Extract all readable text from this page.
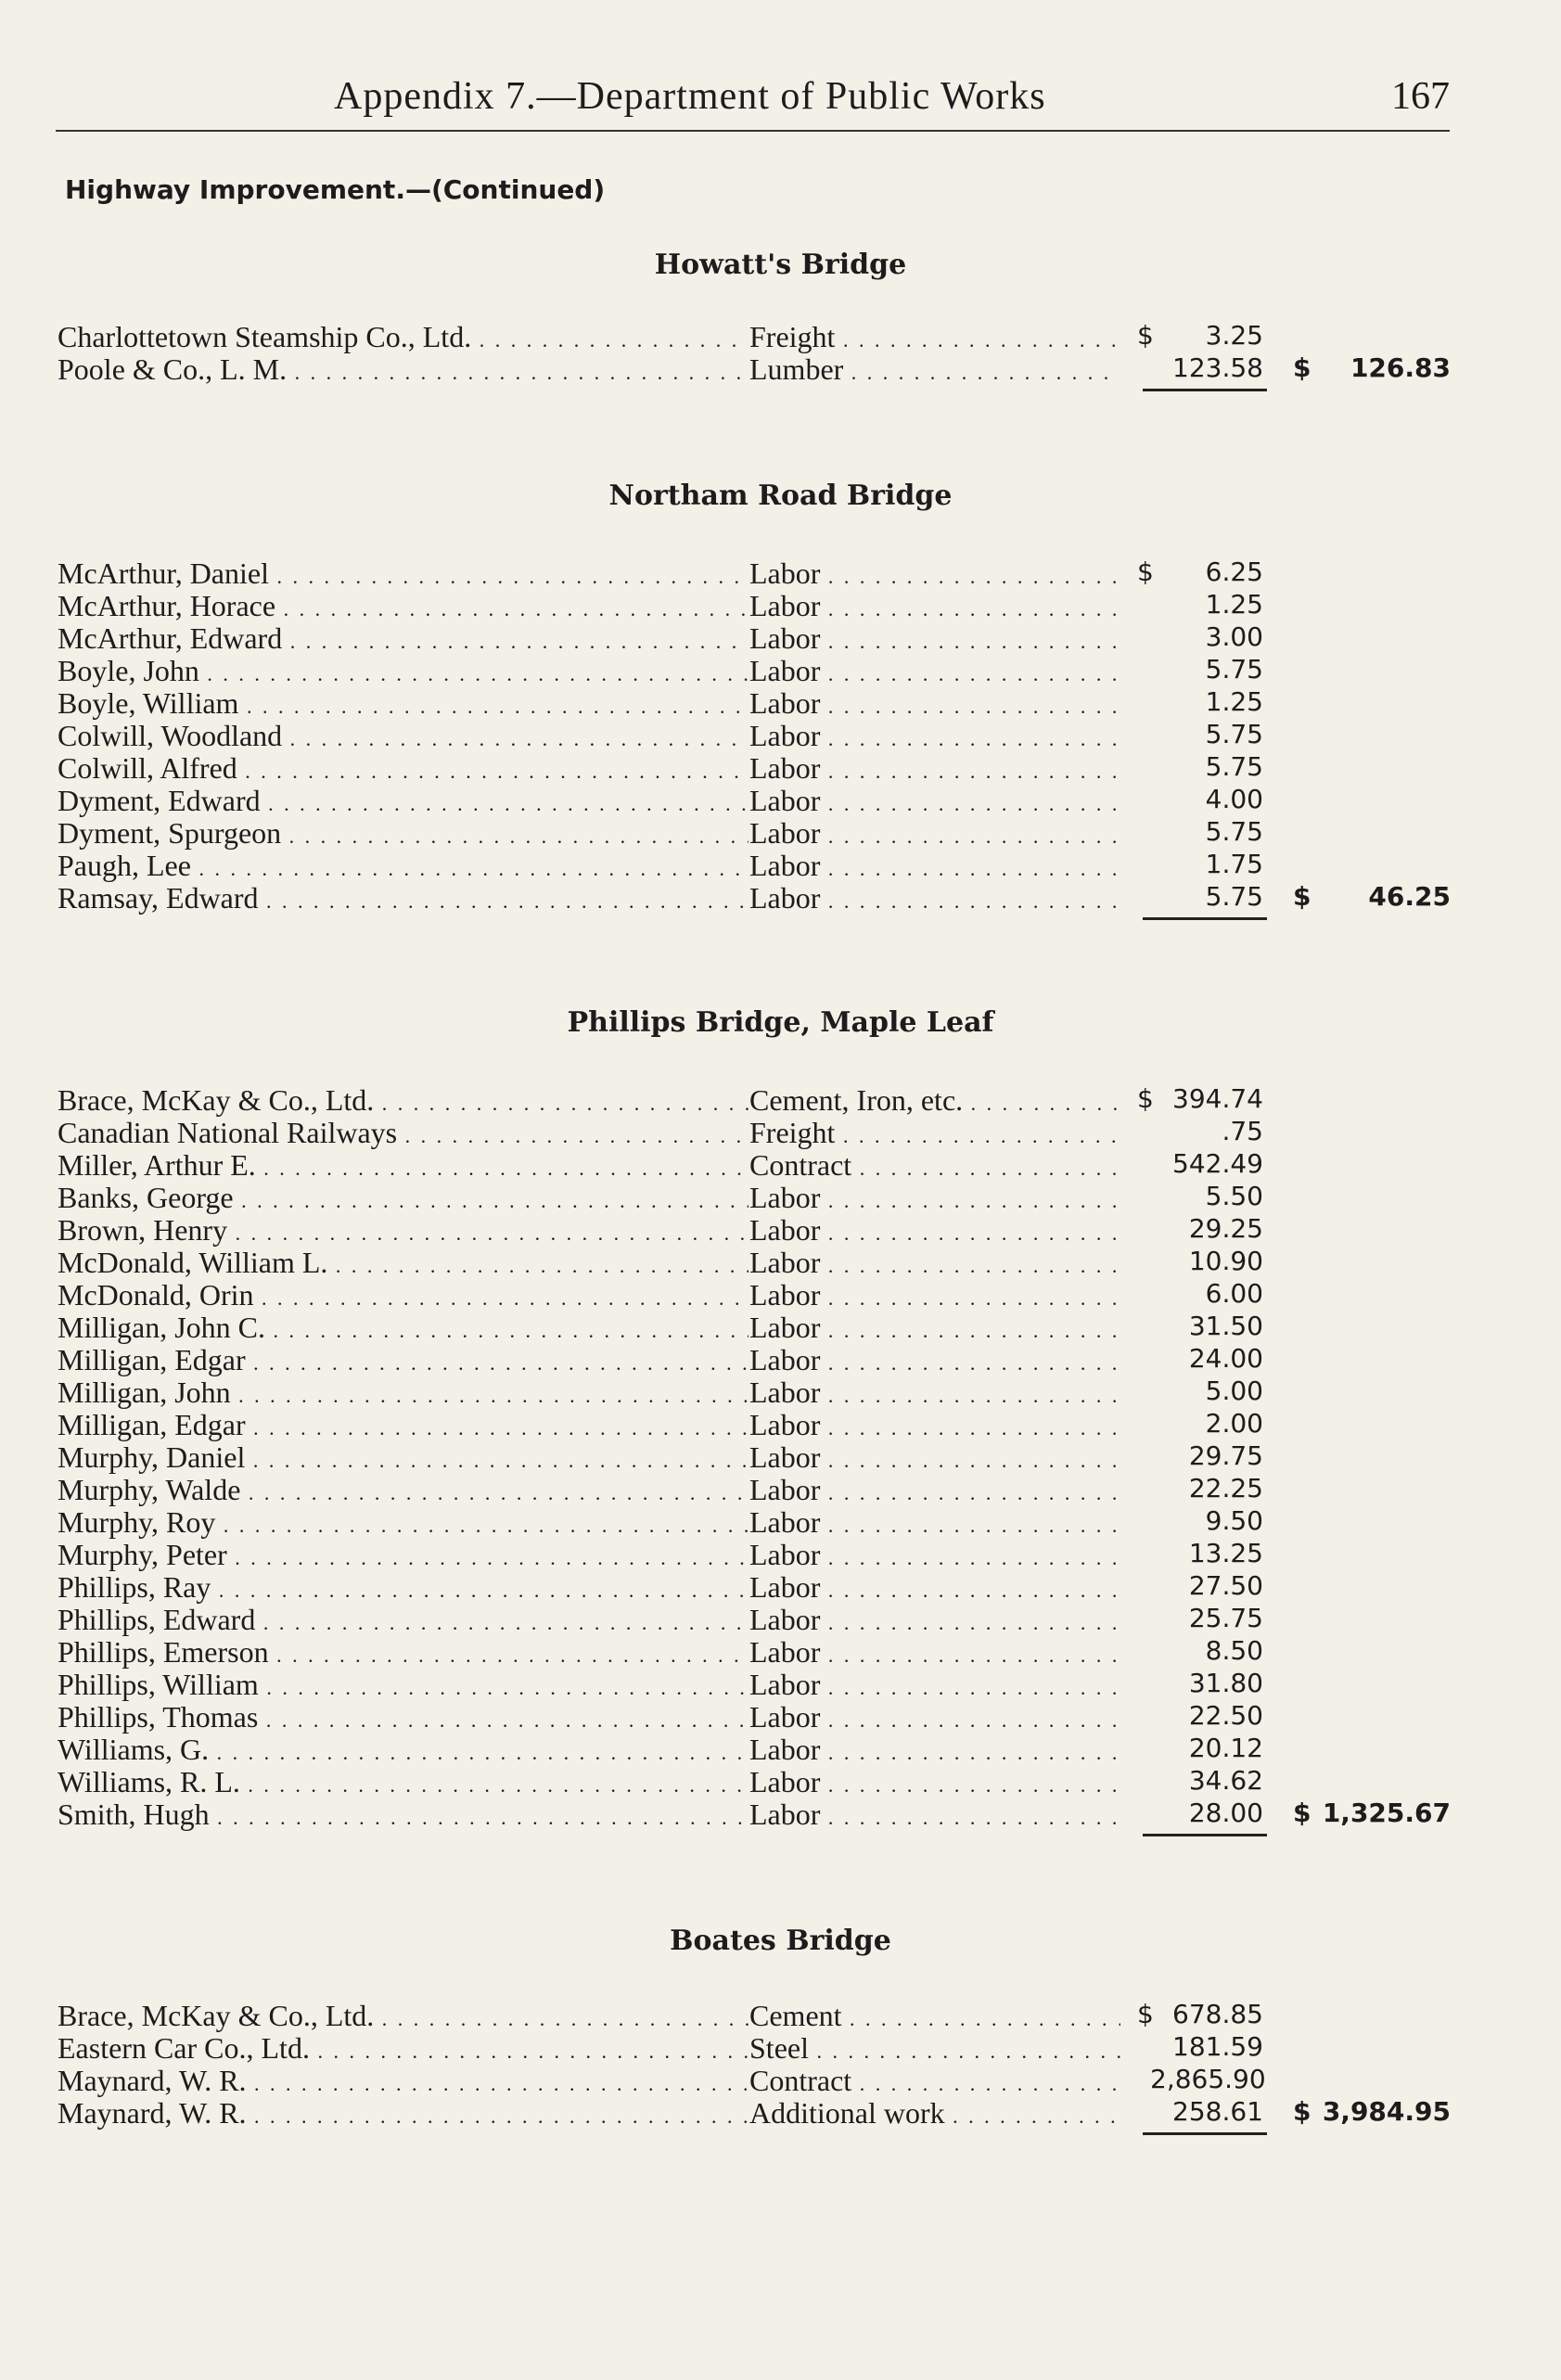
Appendix 7.—Department of Public Works	167
Highway Improvement.—(Continued)
Howatt's Bridge
Charlottetown Steamship Co., Ltd. . . .	Freight . . .	$	3.25
Poole & Co., L. M. . . .	Lumber . . .	123.58 $	126.83
Northam Road Bridge
McArthur, Daniel . . .	Labor . . .	$	6.25
McArthur, Horace . . .	Labor . . .	1.25
McArthur, Edward . . .	Labor . . .	3.00
Boyle, John . . .	Labor . . .	5.75
Boyle, William . . .	Labor . . .	1.25
Colwill, Woodland . . .	Labor . . .	5.75
Colwill, Alfred . . .	Labor . . .	5.75
Dyment, Edward . . .	Labor . . .	4.00
Dyment, Spurgeon . . .	Labor . . .	5.75
Paugh, Lee . . .	Labor . . .	1.75
Ramsay, Edward . . .	Labor . . .	5.75 $	46.25
Phillips Bridge, Maple Leaf
Brace, McKay & Co., Ltd. . . .	Cement, Iron, etc. . . .	$ 394.74
Canadian National Railways . . .	Freight . . .	.75
Miller, Arthur E. . . .	Contract . . .	542.49
Banks, George . . .	Labor . . .	5.50
Brown, Henry . . .	Labor . . .	29.25
McDonald, William L. . . .	Labor . . .	10.90
McDonald, Orin . . .	Labor . . .	6.00
Milligan, John C. . . .	Labor . . .	31.50
Milligan, Edgar . . .	Labor . . .	24.00
Milligan, John . . .	Labor . . .	5.00
Milligan, Edgar . . .	Labor . . .	2.00
Murphy, Daniel . . .	Labor . . .	29.75
Murphy, Walde . . .	Labor . . .	22.25
Murphy, Roy . . .	Labor . . .	9.50
Murphy, Peter . . .	Labor . . .	13.25
Phillips, Ray . . .	Labor . . .	27.50
Phillips, Edward . . .	Labor . . .	25.75
Phillips, Emerson . . .	Labor . . .	8.50
Phillips, William . . .	Labor . . .	31.80
Phillips, Thomas . . .	Labor . . .	22.50
Williams, G. . . .	Labor . . .	20.12
Williams, R. L. . . .	Labor . . .	34.62
Smith, Hugh . . .	Labor . . .	28.00 $ 1,325.67
Boates Bridge
Brace, McKay & Co., Ltd. . . .	Cement . . .	$ 678.85
Eastern Car Co., Ltd. . . .	Steel . . .	181.59
Maynard, W. R. . . .	Contract . . .	2,865.90
Maynard, W. R. . . .	Additional work . . .	258.61 $ 3,984.95
